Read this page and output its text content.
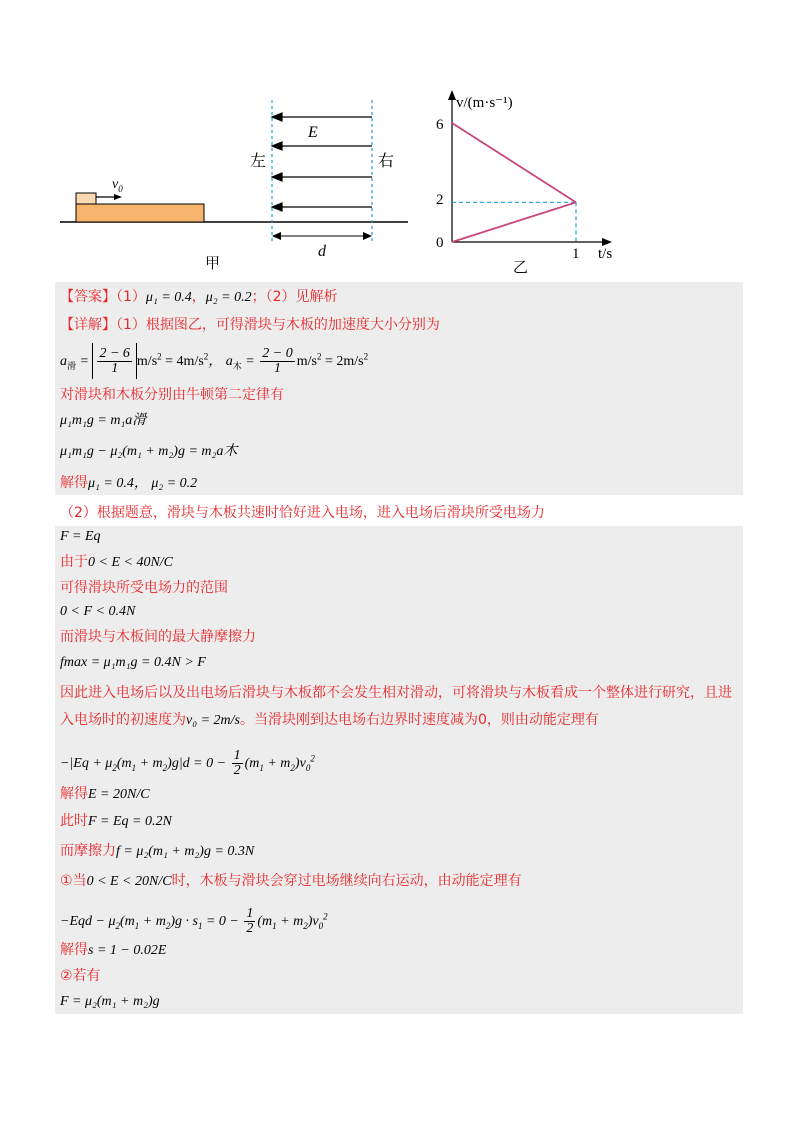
$v_0$
E
左	右
d
甲
v/(m·s⁻¹)
t/s
6
2
0
1
乙
【答案】（1）μ₁ = 0.4，μ₂ = 0.2；（2）见解析
【详解】（1）根据图乙，可得滑块与木板的加速度大小分别为
$a_滑 = \frac{2 - 6}{1} m/s^2 = 4m/s^2$， $a_木 = \frac{2 - 0}{1} m/s^2 = 2m/s^2$
对滑块和木板分别由牛顿第二定律有
μ₁m₁g = m₁a滑
μ₁m₁g − μ₂(m₁ + m₂)g = m₂a木
解得μ₁ = 0.4， μ₂ = 0.2
（2）根据题意，滑块与木板共速时恰好进入电场，进入电场后滑块所受电场力
F = Eq
由于0 < E < 40N/C
可得滑块所受电场力的范围
0 < F < 0.4N
而滑块与木板间的最大静摩擦力
fmax = μ₁m₁g = 0.4N > F
因此进入电场后以及出电场后滑块与木板都不会发生相对滑动，可将滑块与木板看成一个整体进行研究，且进
入电场时的初速度为v₀ = 2m/s。当滑块刚到达电场右边界时速度减为0，则由动能定理有
$-|Eq + \mu_2(m_1 + m_2)g|d = 0 - \frac{1}{2} (m_1 + m_2)v_0^2$
解得E = 20N/C
此时F = Eq = 0.2N
而摩擦力f = μ₂(m₁ + m₂)g = 0.3N
①当0 < E < 20N/C时，木板与滑块会穿过电场继续向右运动，由动能定理有
$-Eqd - \mu_2(m_1 + m_2)g \cdot s_1 = 0 - \frac{1}{2} (m_1 + m_2)v_0^2$
解得s = 1 − 0.02E
②若有
F = μ₂(m₁ + m₂)g
